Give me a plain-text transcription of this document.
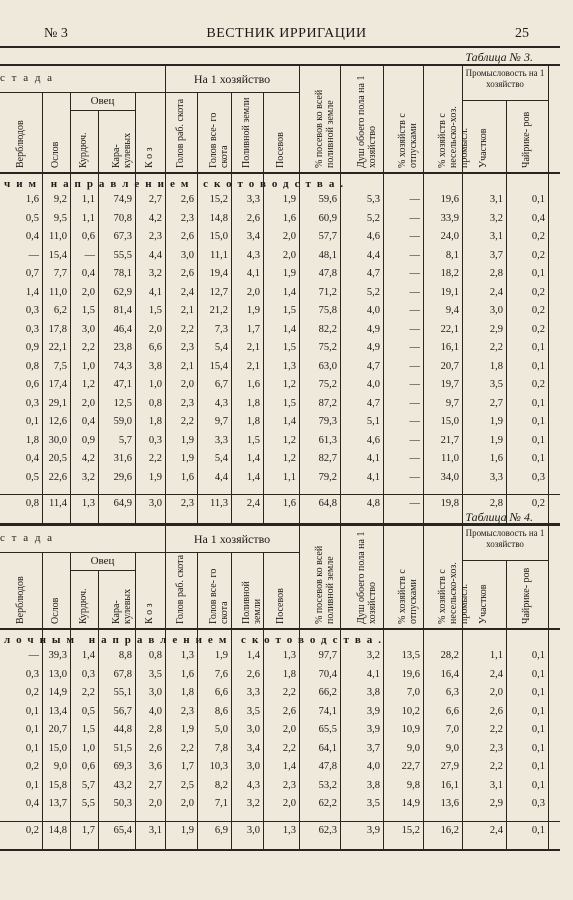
№ 3	ВЕСТНИК ИРРИГАЦИИ	25
с т а д а	На 1 хозяйство	Промысловость на 1 хозяйство
Овец
Верблюдов Ослов Курдюч. Кара- кулевых К о з Голов раб. скота Голов все- го скота Поливной земли Посевов	% посевов ко всей поливной земле Душ обоего пола на 1 хозяйство % хозяйств с отпусками % хозяйств с несельско-хоз. промысл. Участков	Чайрике- ров
чим направлением скотоводства.
1,6	9,2	1,1	74,9	2,7	2,6	15,2	3,3	1,9	59,6	5,3	—	19,6	3,1	0,1
0,5	9,5	1,1	70,8	4,2	2,3	14,8	2,6	1,6	60,9	5,2	—	33,9	3,2	0,4
0,4 11,0	0,6	67,3	2,3	2,6	15,0	3,4	2,0	57,7	4,6	—	24,0	3,1	0,2
— 15,4	—	55,5	4,4	3,0	11,1	4,3	2,0	48,1	4,4	—	8,1	3,7	0,2
0,7	7,7	0,4	78,1	3,2	2,6	19,4	4,1	1,9	47,8	4,7	—	18,2	2,8	0,1
1,4 11,0	2,0	62,9	4,1	2,4	12,7	2,0	1,4	71,2	5,2	—	19,1	2,4	0,2
0,3	6,2	1,5	81,4	1,5	2,1	21,2	1,9	1,5	75,8	4,0	—	9,4	3,0	0,2
0,3 17,8	3,0	46,4	2,0	2,2	7,3	1,7	1,4	82,2	4,9	—	22,1	2,9	0,2
0,9 22,1	2,2	23,8	6,6	2,3	5,4	2,1	1,5	75,2	4,9	—	16,1	2,2	0,1
0,8	7,5	1,0	74,3	3,8	2,1	15,4	2,1	1,3	63,0	4,7	—	20,7	1,8	0,1
0,6 17,4	1,2	47,1	1,0	2,0	6,7	1,6	1,2	75,2	4,0	—	19,7	3,5	0,2
0,3 29,1	2,0	12,5	0,8	2,3	4,3	1,8	1,5	87,2	4,7	—	9,7	2,7	0,1
0,1 12,6	0,4	59,0	1,8	2,2	9,7	1,8	1,4	79,3	5,1	—	15,0	1,9	0,1
1,8 30,0	0,9	5,7	0,3	1,9	3,3	1,5	1,2	61,3	4,6	—	21,7	1,9	0,1
0,4 20,5	4,2	31,6	2,2	1,9	5,4	1,4	1,2	82,7	4,1	—	11,0	1,6	0,1
0,5 22,6	3,2	29,6	1,9	1,6	4,4	1,4	1,1	79,2	4,1	—	34,0	3,3	0,3
0,8 11,4	1,3	64,9	3,0	2,3	11,3	2,4	1,6	64,8	4,8	—	19,8	2,8	0,2
Таблица № 3.
с т а д а	На 1 хозяйство	Промысловость на 1 хозяйство
Овец
Верблюдов Ослов Курдюч. Кара- кулевых К о з Голов раб. скота Голов все- го скота Поливной земли Посевов	% посевов ко всей поливной земле Душ обоего пола на 1 хозяйство % хозяйств с отпусками % хозяйств с несельско-хоз. промысл. Участков	Чайрике- ров
лочным направлением скотоводства.
— 39,3	1,4	8,8	0,8	1,3	1,9	1,4	1,3	97,7	3,2	13,5	28,2	1,1	0,1
0,3 13,0	0,3	67,8	3,5	1,6	7,6	2,6	1,8	70,4	4,1	19,6	16,4	2,4	0,1
0,2 14,9	2,2	55,1	3,0	1,8	6,6	3,3	2,2	66,2	3,8	7,0	6,3	2,0	0,1
0,1 13,4	0,5	56,7	4,0	2,3	8,6	3,5	2,6	74,1	3,9	10,2	6,6	2,6	0,1
0,1 20,7	1,5	44,8	2,8	1,9	5,0	3,0	2,0	65,5	3,9	10,9	7,0	2,2	0,1
0,1 15,0	1,0	51,5	2,6	2,2	7,8	3,4	2,2	64,1	3,7	9,0	9,0	2,3	0,1
0,2	9,0	0,6	69,3	3,6	1,7	10,3	3,0	1,4	47,8	4,0	22,7	27,9	2,2	0,1
0,1 15,8	5,7	43,2	2,7	2,5	8,2	4,3	2,3	53,2	3,8	9,8	16,1	3,1	0,1
0,4 13,7	5,5	50,3	2,0	2,0	7,1	3,2	2,0	62,2	3,5	14,9	13,6	2,9	0,3
0,2 14,8	1,7	65,4	3,1	1,9	6,9	3,0	1,3	62,3	3,9	15,2	16,2	2,4	0,1
Таблица № 4.
